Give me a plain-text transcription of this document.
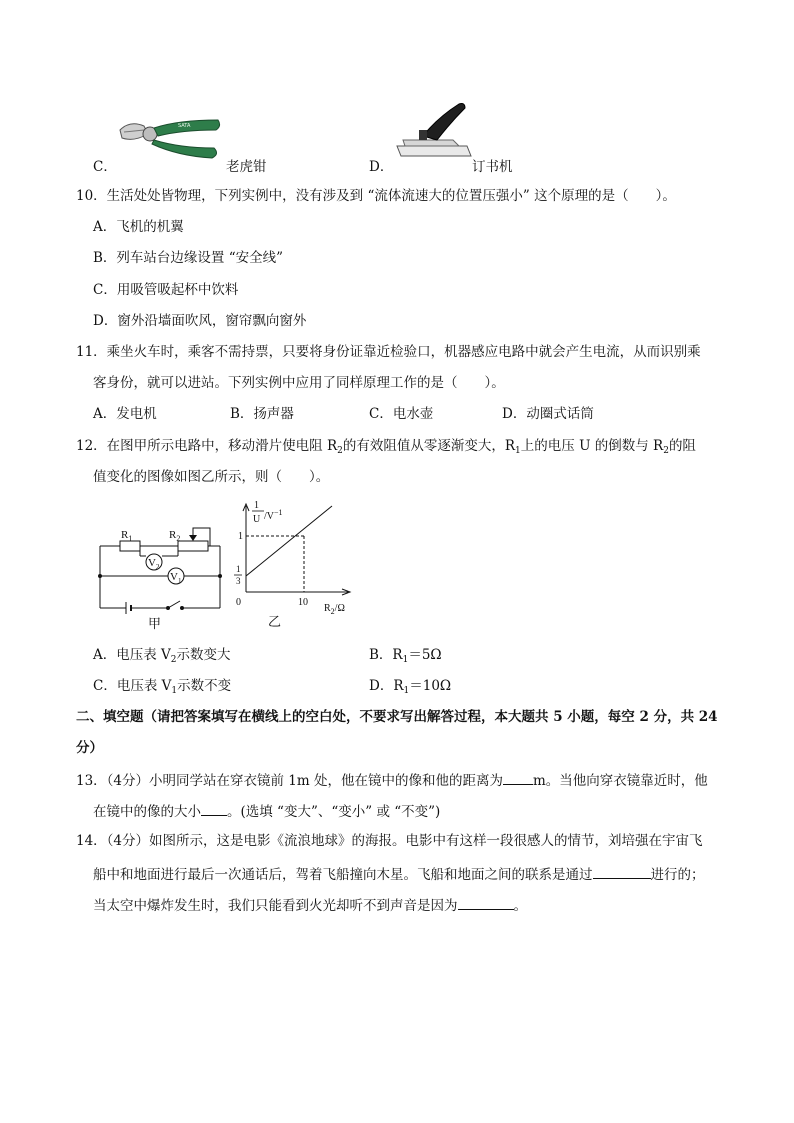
SATA
C．	老虎钳	D．	订书机
10．生活处处皆物理，下列实例中，没有涉及到 “流体流速大的位置压强小” 这个原理的是（　　）。
A．飞机的机翼
B．列车站台边缘设置 “安全线”
C．用吸管吸起杯中饮料
D．窗外沿墙面吹风，窗帘飘向窗外
11．乘坐火车时，乘客不需持票，只要将身份证靠近检验口，机器感应电路中就会产生电流，从而识别乘
客身份，就可以进站。下列实例中应用了同样原理工作的是（　　）。
A．发电机	B．扬声器	C．电水壶	D．动圈式话筒
12．在图甲所示电路中，移动滑片使电阻 $R_2$的有效阻值从零逐渐变大，$R_1$上的电压 U 的倒数与 $R_2$的阻
值变化的图像如图乙所示，则（　　）。
$R_1$	$R_2$
$V_2$
$V_1$
甲
1
U $/V^{-1}$
1
1
3
0	10
$R_2/\Omega$
乙
A．电压表 $V_2$示数变大	B．$R_1=5\Omega$
C．电压表 $V_1$示数不变	D．$R_1=10\Omega$
二、填空题（请把答案填写在横线上的空白处，不要求写出解答过程，本大题共 5 小题，每空 2 分，共 24
分）
13．（4分）小明同学站在穿衣镜前 1m 处，他在镜中的像和他的距离为 m。当他向穿衣镜靠近时，他
在镜中的像的大小 。(选填 “变大”、“变小” 或 “不变”)
14．（4分）如图所示，这是电影《流浪地球》的海报。电影中有这样一段很感人的情节，刘培强在宇宙飞
船中和地面进行最后一次通话后，驾着飞船撞向木星。飞船和地面之间的联系是通过	进行的；
当太空中爆炸发生时，我们只能看到火光却听不到声音是因为	。
